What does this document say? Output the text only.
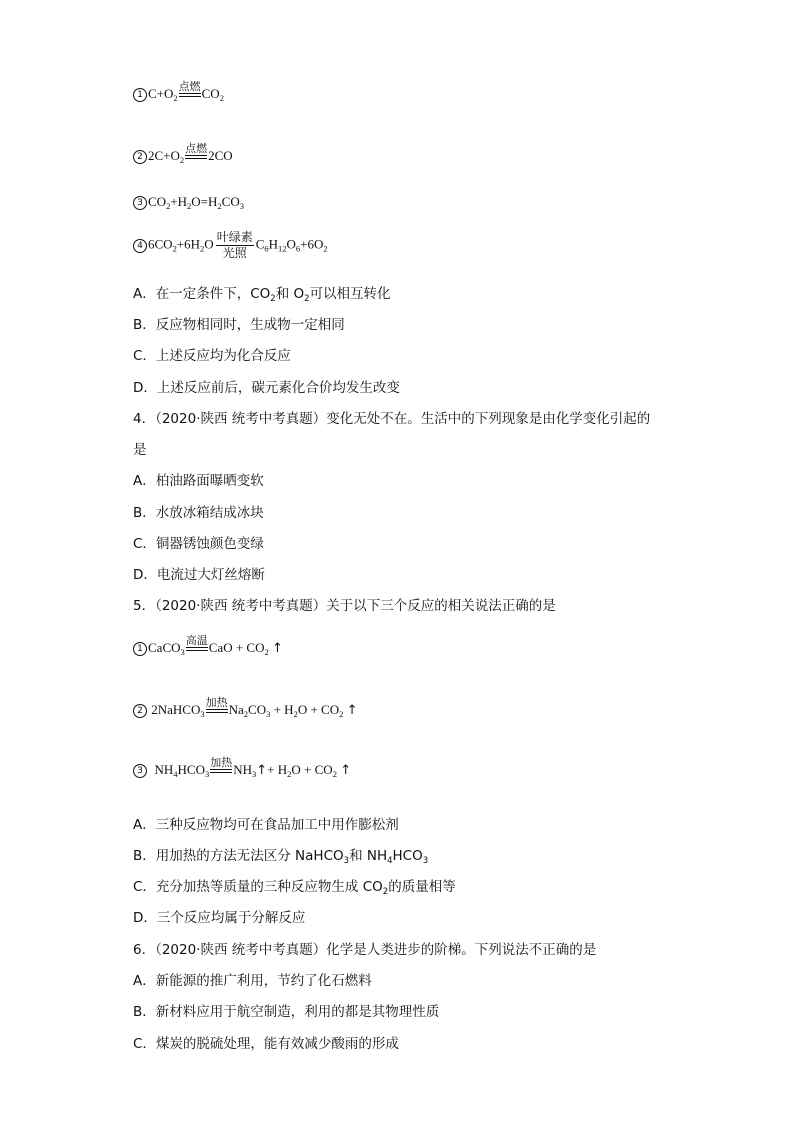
1 $C+O_2$
点燃
$CO_2$
2 $2C+O_2$
点燃
2CO
3 $CO_2+H_2O=H_2CO_3$
4 $6CO_2+6H_2O \frac{\text{叶绿素}}{\text{光照}} C_6H_{12}O_6+6O_2$
A．在一定条件下，$CO_2$和 $O_2$可以相互转化
B．反应物相同时，生成物一定相同
C．上述反应均为化合反应
D．上述反应前后，碳元素化合价均发生改变
4．（2020·陕西 统考中考真题）变化无处不在。生活中的下列现象是由化学变化引起的
是
A．柏油路面曝晒变软
B．水放冰箱结成冰块
C．铜器锈蚀颜色变绿
D．电流过大灯丝熔断
5．（2020·陕西 统考中考真题）关于以下三个反应的相关说法正确的是
1 CaCO$_3$
高温
CaO + $CO_2$ ↑
2 2NaHCO$_3$
加热
$Na_2CO_3 + H_2O + CO_2$ ↑
3 $NH_4HCO_3$
加热
$NH_3↑+ H_2O + CO_2$ ↑
A．三种反应物均可在食品加工中用作膨松剂
B．用加热的方法无法区分 NaHCO$_3$和 $NH_4HCO_3$
C．充分加热等质量的三种反应物生成 $CO_2$的质量相等
D．三个反应均属于分解反应
6．（2020·陕西 统考中考真题）化学是人类进步的阶梯。下列说法不正确的是
A．新能源的推广利用，节约了化石燃料
B．新材料应用于航空制造，利用的都是其物理性质
C．煤炭的脱硫处理，能有效减少酸雨的形成
